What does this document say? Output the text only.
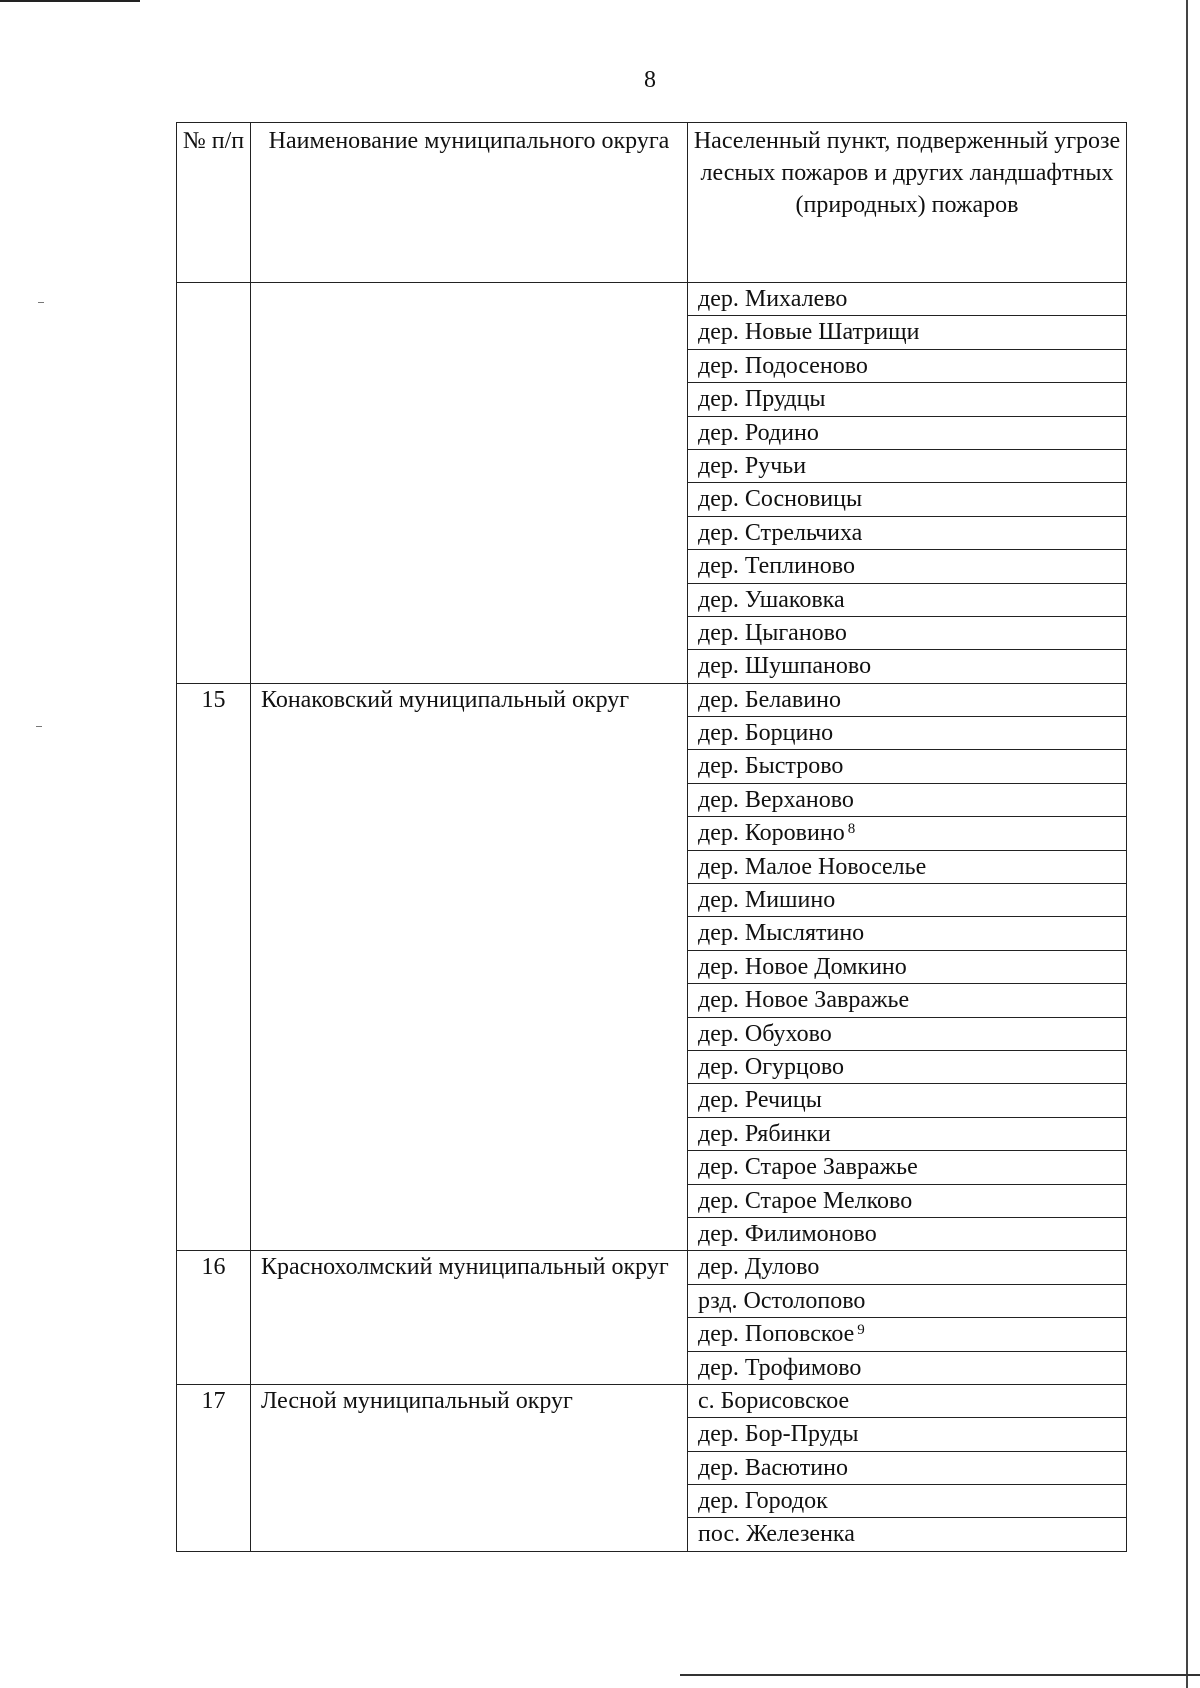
8
№ п/п	Наименование муниципального округа	Населенный пункт, подверженный угрозе лесных пожаров и других ландшафтных (природных) пожаров
		дер. Михалево
		дер. Новые Шатрищи
		дер. Подосеново
		дер. Прудцы
		дер. Родино
		дер. Ручьи
		дер. Сосновицы
		дер. Стрельчиха
		дер. Теплиново
		дер. Ушаковка
		дер. Цыганово
		дер. Шушпаново
15	Конаковский муниципальный округ	дер. Белавино
		дер. Борцино
		дер. Быстрово
		дер. Верханово
		дер. Коровино $^8$
		дер. Малое Новоселье
		дер. Мишино
		дер. Мыслятино
		дер. Новое Домкино
		дер. Новое Завражье
		дер. Обухово
		дер. Огурцово
		дер. Речицы
		дер. Рябинки
		дер. Старое Завражье
		дер. Старое Мелково
		дер. Филимоново
16	Краснохолмский муниципальный округ	дер. Дулово
		рзд. Остолопово
		дер. Поповское $^9$
		дер. Трофимово
17	Лесной муниципальный округ	с. Борисовское
		дер. Бор-Пруды
		дер. Васютино
		дер. Городок
		пос. Железенка
